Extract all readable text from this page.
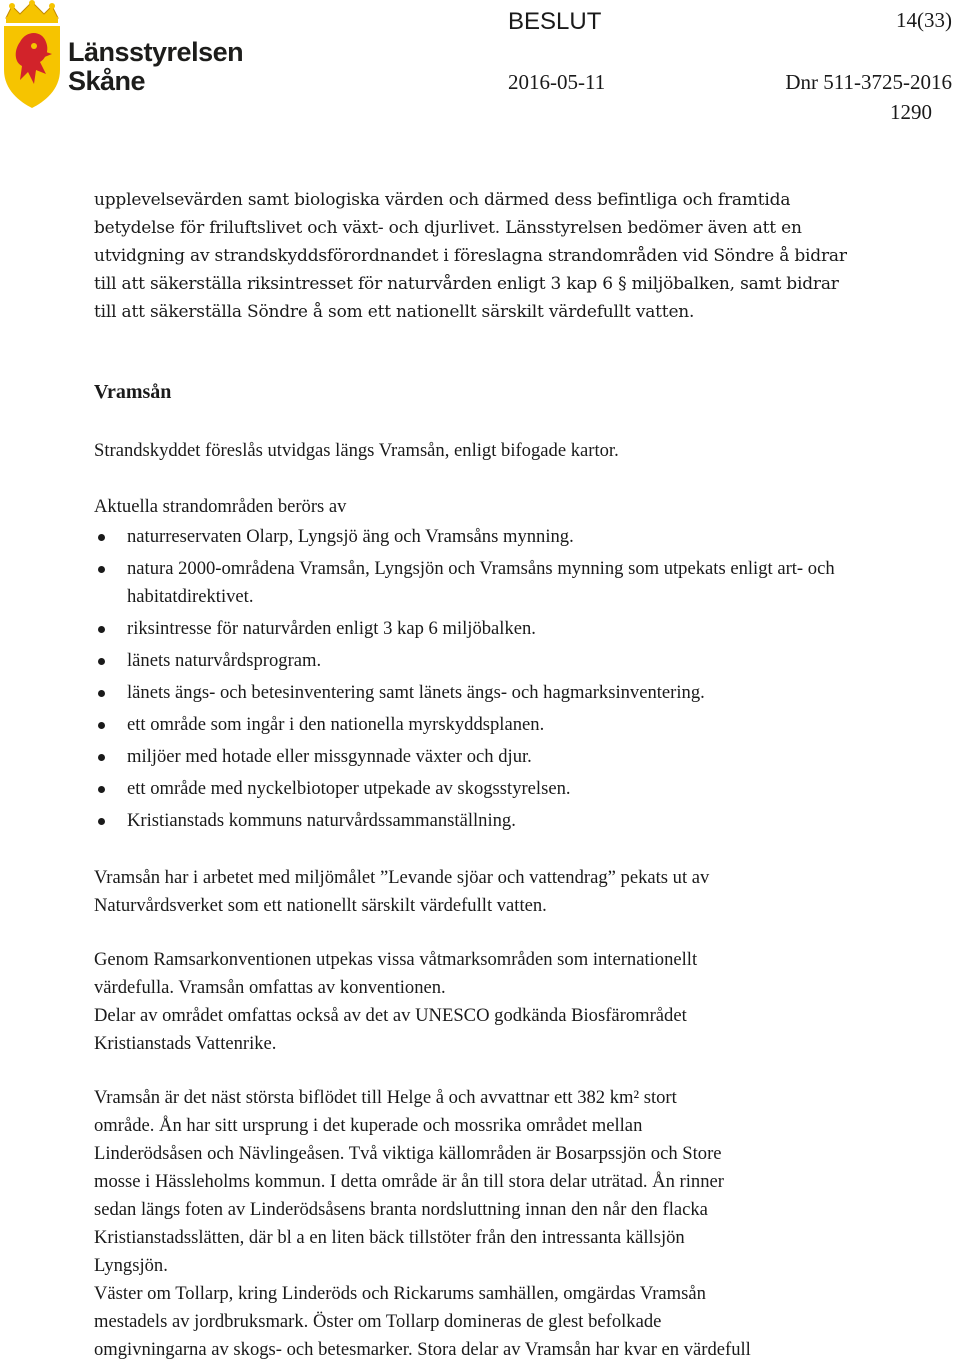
Länsstyrelsen
Skåne
BESLUT	14(33)
2016-05-11	Dnr 511-3725-2016
1290
upplevelsevärden samt biologiska värden och därmed dess befintliga och framtida
betydelse för friluftslivet och växt- och djurlivet. Länsstyrelsen bedömer även att en
utvidgning av strandskyddsförordnandet i föreslagna strandområden vid Söndre å bidrar
till att säkerställa riksintresset för naturvården enligt 3 kap 6 § miljöbalken, samt bidrar
till att säkerställa Söndre å som ett nationellt särskilt värdefullt vatten.
Vramsån
Strandskyddet föreslås utvidgas längs Vramsån, enligt bifogade kartor.
Aktuella strandområden berörs av
naturreservaten Olarp, Lyngsjö äng och Vramsåns mynning.
natura 2000-områdena Vramsån, Lyngsjön och Vramsåns mynning som utpekats enligt art- och habitatdirektivet.
riksintresse för naturvården enligt 3 kap 6 miljöbalken.
länets naturvårdsprogram.
länets ängs- och betesinventering samt länets ängs- och hagmarksinventering.
ett område som ingår i den nationella myrskyddsplanen.
miljöer med hotade eller missgynnade växter och djur.
ett område med nyckelbiotoper utpekade av skogsstyrelsen.
Kristianstads kommuns naturvårdssammanställning.
Vramsån har i arbetet med miljömålet ”Levande sjöar och vattendrag” pekats ut av
Naturvårdsverket som ett nationellt särskilt värdefullt vatten.
Genom Ramsarkonventionen utpekas vissa våtmarksområden som internationellt
värdefulla. Vramsån omfattas av konventionen.
Delar av området omfattas också av det av UNESCO godkända Biosfärområdet
Kristianstads Vattenrike.
Vramsån är det näst största biflödet till Helge å och avvattnar ett 382 km² stort
område. Ån har sitt ursprung i det kuperade och mossrika området mellan
Linderödsåsen och Nävlingeåsen. Två viktiga källområden är Bosarpssjön och Store
mosse i Hässleholms kommun. I detta område är ån till stora delar uträtad. Ån rinner
sedan längs foten av Linderödsåsens branta nordsluttning innan den når den flacka
Kristianstadsslätten, där bl a en liten bäck tillstöter från den intressanta källsjön
Lyngsjön.
Väster om Tollarp, kring Linderöds och Rickarums samhällen, omgärdas Vramsån
mestadels av jordbruksmark. Öster om Tollarp domineras de glest befolkade
omgivningarna av skogs- och betesmarker. Stora delar av Vramsån har kvar en värdefull
